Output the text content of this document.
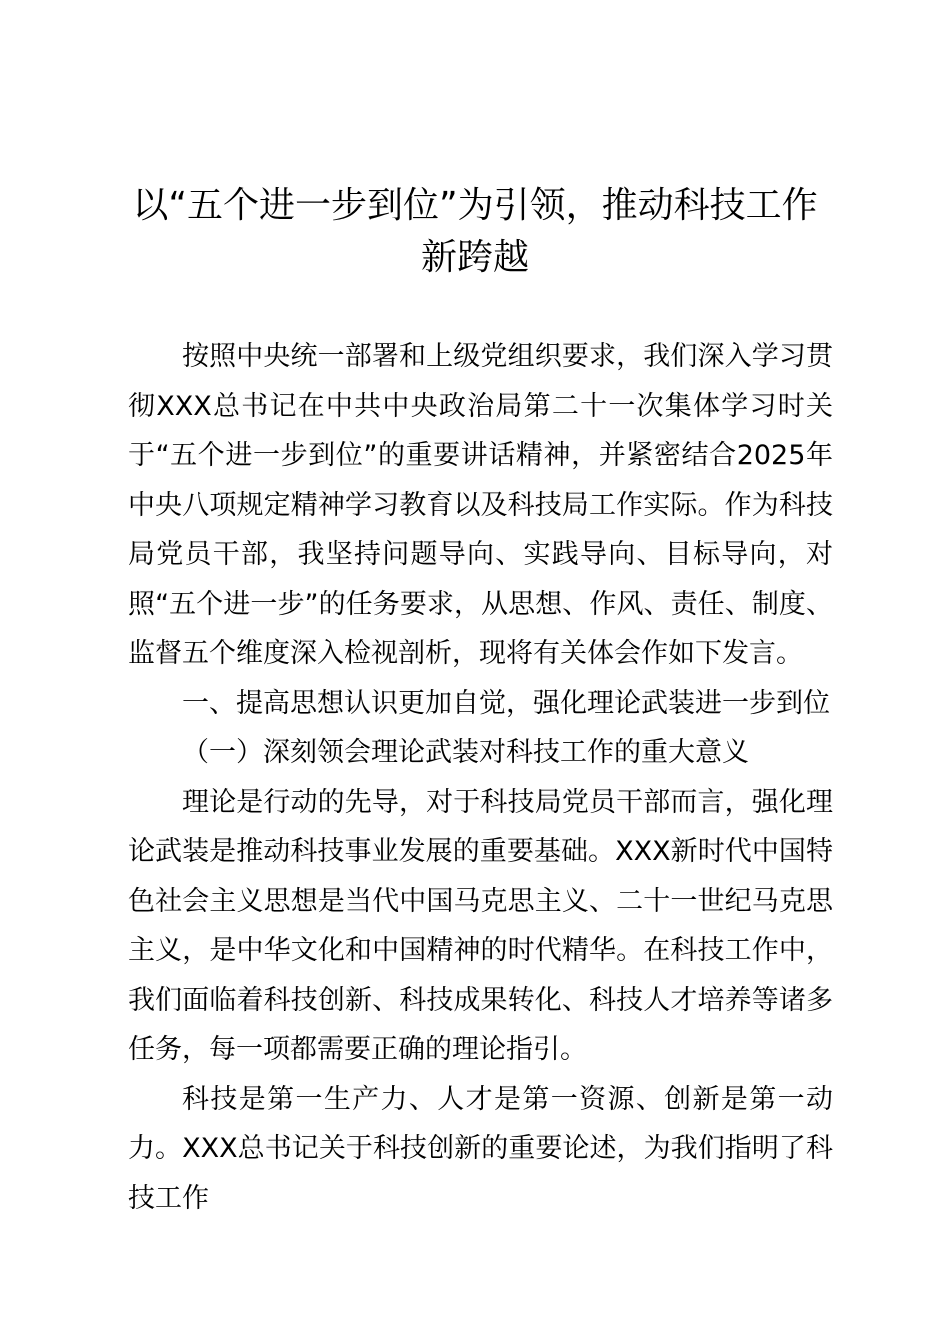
以“五个进一步到位”为引领，推动科技工作
新跨越

按照中央统一部署和上级党组织要求，我们深入学习贯彻XXX总书记在中共中央政治局第二十一次集体学习时关于“五个进一步到位”的重要讲话精神，并紧密结合2025年中央八项规定精神学习教育以及科技局工作实际。作为科技局党员干部，我坚持问题导向、实践导向、目标导向，对照“五个进一步”的任务要求，从思想、作风、责任、制度、监督五个维度深入检视剖析，现将有关体会作如下发言。

一、提高思想认识更加自觉，强化理论武装进一步到位

（一）深刻领会理论武装对科技工作的重大意义

理论是行动的先导，对于科技局党员干部而言，强化理论武装是推动科技事业发展的重要基础。XXX新时代中国特色社会主义思想是当代中国马克思主义、二十一世纪马克思主义，是中华文化和中国精神的时代精华。在科技工作中，我们面临着科技创新、科技成果转化、科技人才培养等诸多任务，每一项都需要正确的理论指引。

科技是第一生产力、人才是第一资源、创新是第一动力。XXX总书记关于科技创新的重要论述，为我们指明了科技工作
